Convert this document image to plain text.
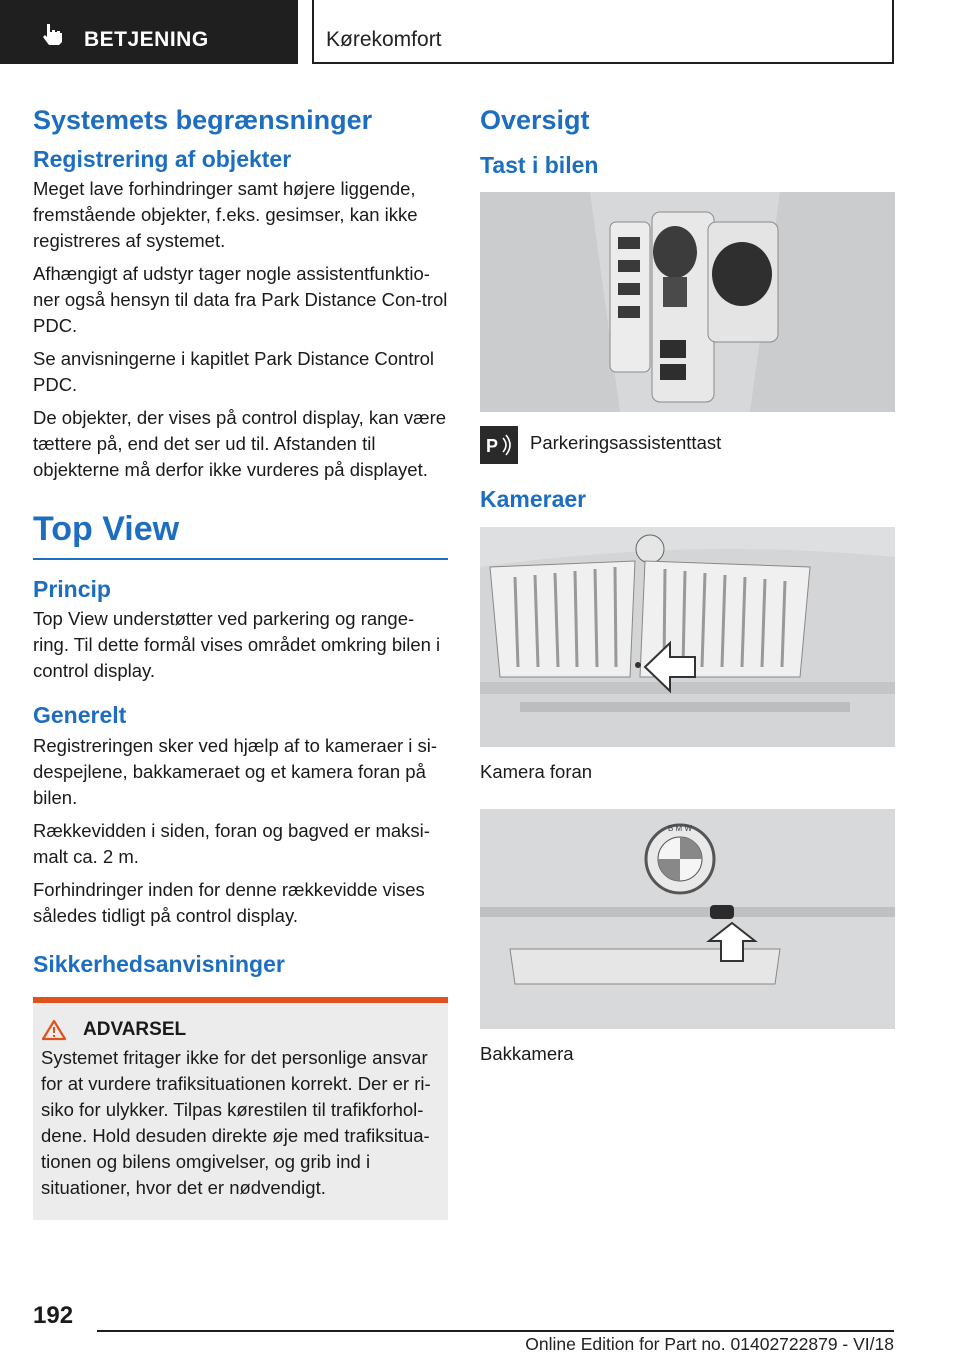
BETJENING	Kørekomfort
Systemets begrænsninger
Registrering af objekter

Meget lave forhindringer samt højere liggende, fremstående objekter, f.eks. gesimser, kan ikke registreres af systemet.

Afhængigt af udstyr tager nogle assistentfunktio-ner også hensyn til data fra Park Distance Con-trol PDC.

Se anvisningerne i kapitlet Park Distance Control PDC.

De objekter, der vises på control display, kan være tættere på, end det ser ud til. Afstanden til objekterne må derfor ikke vurderes på displayet.

Top View
Princip

Top View understøtter ved parkering og range-ring. Til dette formål vises området omkring bilen i control display.

Generelt

Registreringen sker ved hjælp af to kameraer i si-despejlene, bakkameraet og et kamera foran på bilen.

Rækkevidden i siden, foran og bagved er maksi-malt ca. 2 m.

Forhindringer inden for denne rækkevidde vises således tidligt på control display.

Sikkerhedsanvisninger
ADVARSEL

Systemet fritager ikke for det personlige ansvar for at vurdere trafiksituationen korrekt. Der er ri-siko for ulykker. Tilpas kørestilen til trafikforhol-dene. Hold desuden direkte øje med trafiksitua-tionen og bilens omgivelser, og grib ind i situationer, hvor det er nødvendigt.

Oversigt
Tast i bilen
P Parkeringsassistenttast
Kameraer
Kamera foran
B M W
Bakkamera
192
Online Edition for Part no. 01402722879 - VI/18
